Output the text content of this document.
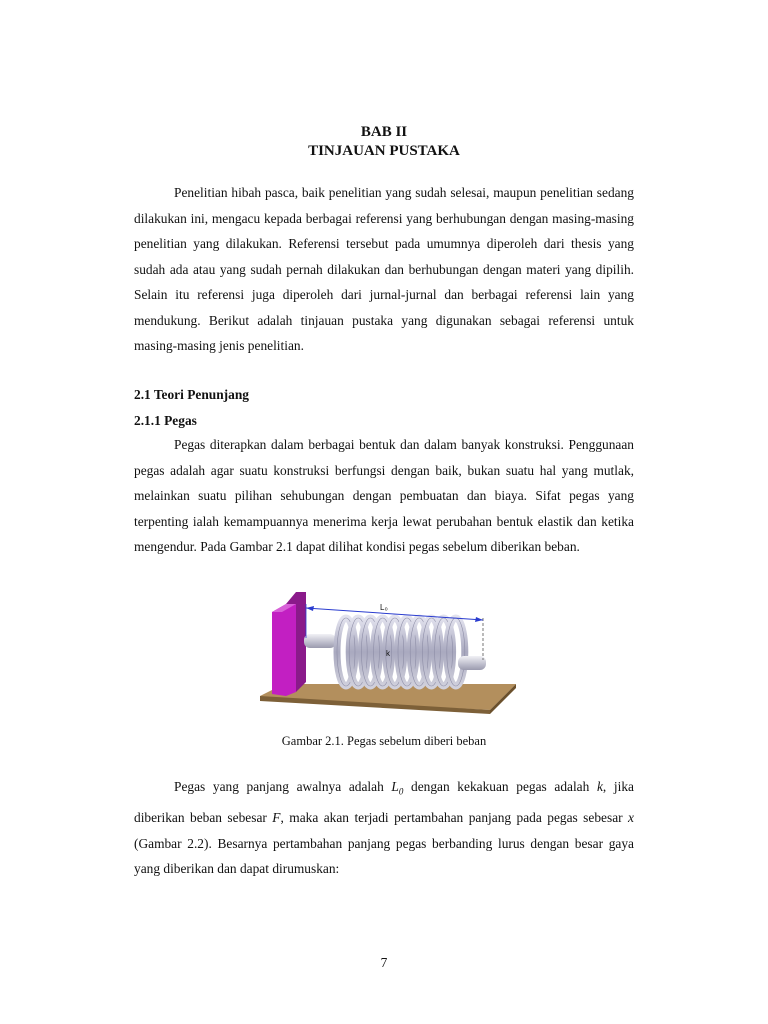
BAB II
TINJAUAN PUSTAKA
Penelitian hibah pasca, baik penelitian yang sudah selesai, maupun penelitian sedang dilakukan ini, mengacu kepada berbagai referensi yang berhubungan dengan masing-masing penelitian yang dilakukan. Referensi tersebut pada umumnya diperoleh dari thesis yang sudah ada atau yang sudah pernah dilakukan dan berhubungan dengan materi yang dipilih. Selain itu referensi juga diperoleh dari jurnal-jurnal dan berbagai referensi lain yang mendukung. Berikut adalah tinjauan pustaka yang digunakan sebagai referensi untuk masing-masing jenis penelitian.
2.1 Teori Penunjang
2.1.1 Pegas
Pegas diterapkan dalam berbagai bentuk dan dalam banyak konstruksi. Penggunaan pegas adalah agar suatu konstruksi berfungsi dengan baik, bukan suatu hal yang mutlak, melainkan suatu pilihan sehubungan dengan pembuatan dan biaya. Sifat pegas yang terpenting ialah kemampuannya menerima kerja lewat perubahan bentuk elastik dan ketika mengendur. Pada Gambar 2.1 dapat dilihat kondisi pegas sebelum diberikan beban.
L₀
k
Gambar 2.1. Pegas sebelum diberi beban
Pegas yang panjang awalnya adalah $L_0$ dengan kekakuan pegas adalah k, jika diberikan beban sebesar F, maka akan terjadi pertambahan panjang pada pegas sebesar x (Gambar 2.2). Besarnya pertambahan panjang pegas berbanding lurus dengan besar gaya yang diberikan dan dapat dirumuskan:
7
